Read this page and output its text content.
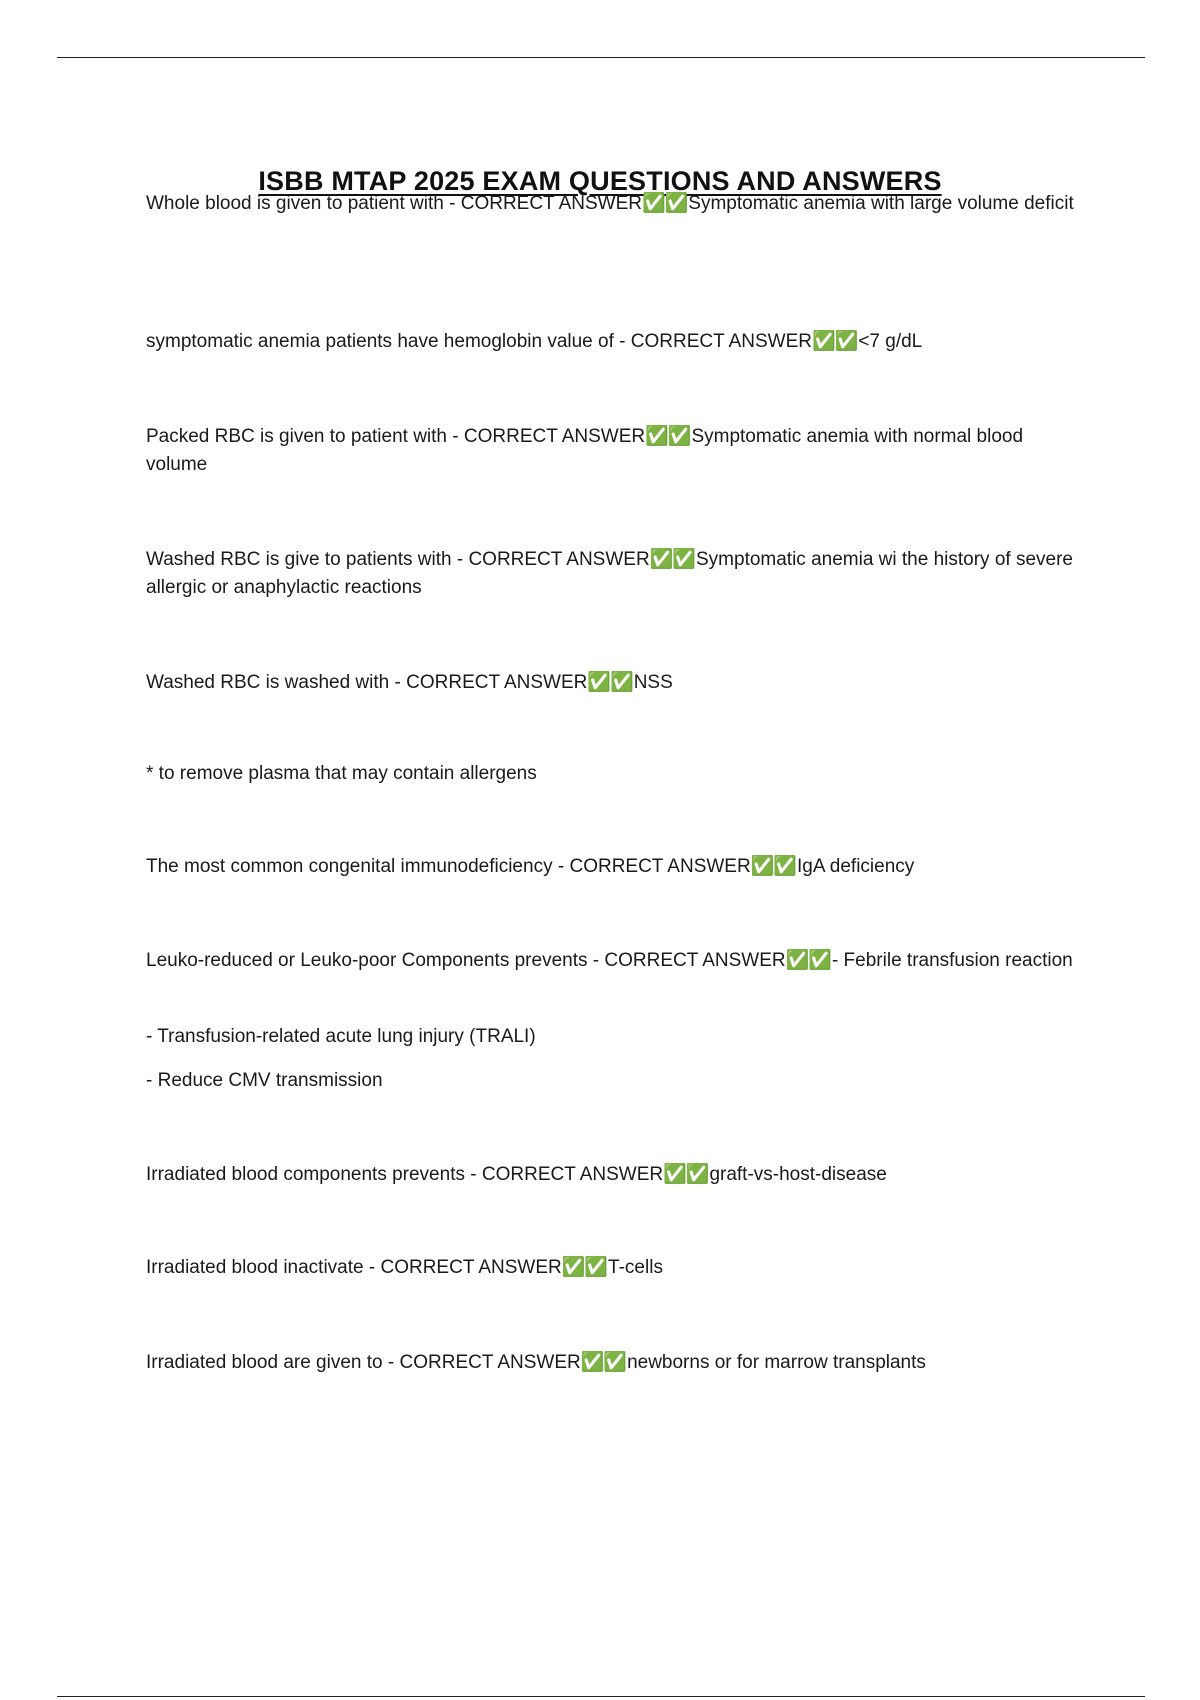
ISBB MTAP 2025 EXAM QUESTIONS AND ANSWERS

Whole blood is given to patient with - CORRECT ANSWER✅✅Symptomatic anemia with large volume deficit

symptomatic anemia patients have hemoglobin value of - CORRECT ANSWER✅✅<7 g/dL

Packed RBC is given to patient with - CORRECT ANSWER✅✅Symptomatic anemia with normal blood volume

Washed RBC is give to patients with - CORRECT ANSWER✅✅Symptomatic anemia wi the history of severe allergic or anaphylactic reactions

Washed RBC is washed with - CORRECT ANSWER✅✅NSS

* to remove plasma that may contain allergens

The most common congenital immunodeficiency - CORRECT ANSWER✅✅IgA deficiency

Leuko-reduced or Leuko-poor Components prevents - CORRECT ANSWER✅✅- Febrile transfusion reaction

- Transfusion-related acute lung injury (TRALI)

- Reduce CMV transmission

Irradiated blood components prevents - CORRECT ANSWER✅✅graft-vs-host-disease

Irradiated blood inactivate - CORRECT ANSWER✅✅T-cells

Irradiated blood are given to - CORRECT ANSWER✅✅newborns or for marrow transplants
